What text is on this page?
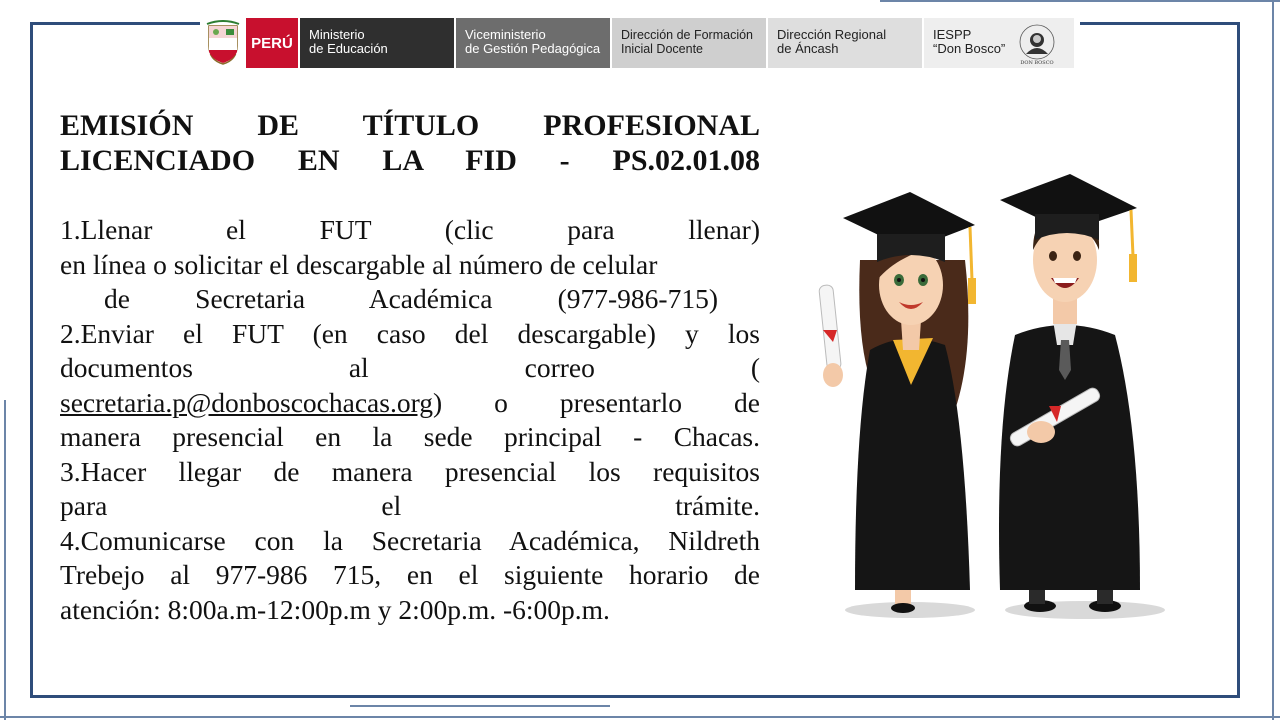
PERÚ	Ministerio
de Educación
Viceministerio
de Gestión Pedagógica
Dirección de Formación
Inicial Docente
Dirección Regional
de Áncash
IESPP
“Don Bosco”
DON BOSCO
EMISIÓN DE TÍTULO PROFESIONAL
LICENCIADO EN LA FID - PS.02.01.08
1.Llenar el FUT (clic para llenar)
en línea o solicitar el descargable al número de celular
de Secretaria Académica (977-986-715)
2.Enviar el FUT (en caso del descargable) y los
documentos al correo (
secretaria.p@donboscochacas.org) o presentarlo de
manera presencial en la sede principal - Chacas.
3.Hacer llegar de manera presencial los requisitos
para el trámite.
4.Comunicarse con la Secretaria Académica, Nildreth
Trebejo al 977-986 715, en el siguiente horario de
atención: 8:00a.m-12:00p.m y 2:00p.m. -6:00p.m.
